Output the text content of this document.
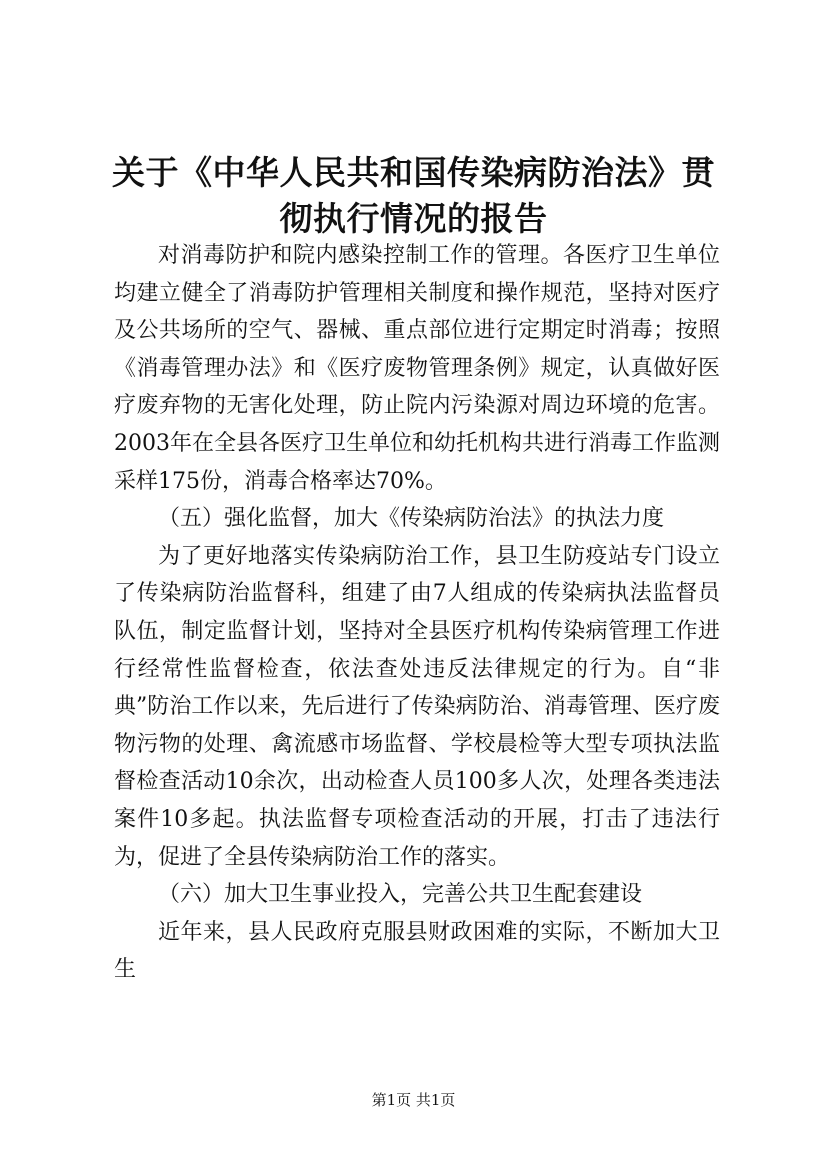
关于《中华人民共和国传染病防治法》贯彻执行情况的报告

对消毒防护和院内感染控制工作的管理。各医疗卫生单位均建立健全了消毒防护管理相关制度和操作规范，坚持对医疗及公共场所的空气、器械、重点部位进行定期定时消毒；按照《消毒管理办法》和《医疗废物管理条例》规定，认真做好医疗废弃物的无害化处理，防止院内污染源对周边环境的危害。2003年在全县各医疗卫生单位和幼托机构共进行消毒工作监测采样175份，消毒合格率达70%。

（五）强化监督，加大《传染病防治法》的执法力度

为了更好地落实传染病防治工作，县卫生防疫站专门设立了传染病防治监督科，组建了由7人组成的传染病执法监督员队伍，制定监督计划，坚持对全县医疗机构传染病管理工作进行经常性监督检查，依法查处违反法律规定的行为。自“非典”防治工作以来，先后进行了传染病防治、消毒管理、医疗废物污物的处理、禽流感市场监督、学校晨检等大型专项执法监督检查活动10余次，出动检查人员100多人次，处理各类违法案件10多起。执法监督专项检查活动的开展，打击了违法行为，促进了全县传染病防治工作的落实。

（六）加大卫生事业投入，完善公共卫生配套建设

近年来，县人民政府克服县财政困难的实际，不断加大卫生

第1页 共1页
